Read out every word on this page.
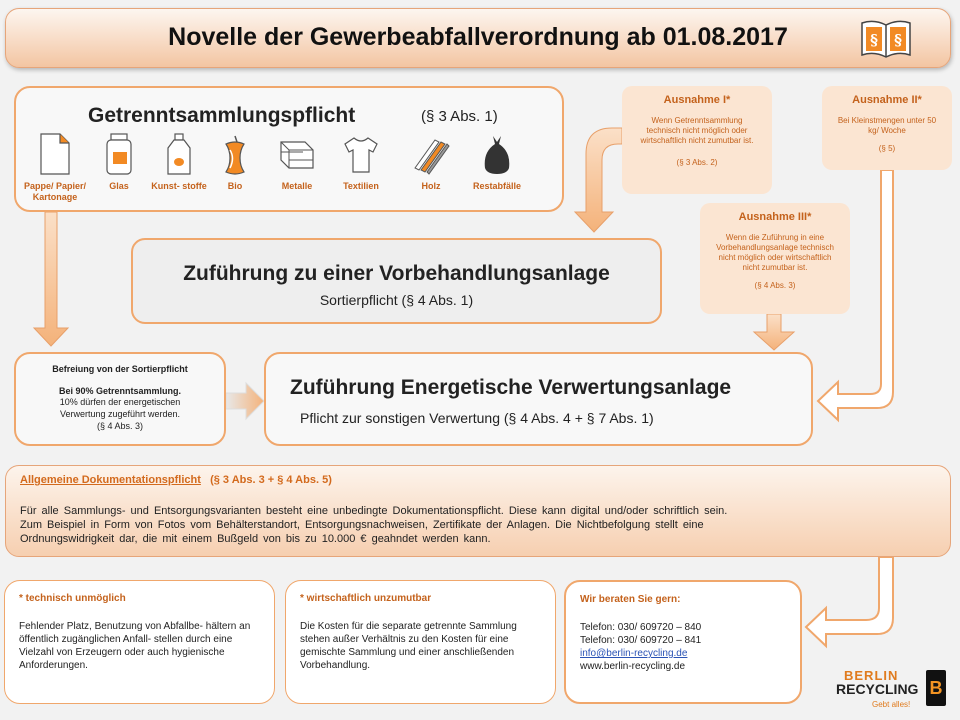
Novelle der Gewerbeabfallverordnung ab 01.08.2017	§ §
Getrenntsammlungspflicht	(§ 3 Abs. 1)
Pappe/ Papier/ Kartonage
Glas	Kunst- stoffe	Bio	Metalle	Textilien	Holz	Restabfälle
Ausnahme I*
Wenn Getrenntsammlung technisch nicht möglich oder wirtschaftlich nicht zumutbar ist.
(§ 3 Abs. 2)
Ausnahme II*
Bei Kleinstmengen unter 50 kg/ Woche
(§ 5)
Ausnahme III*
Wenn die Zuführung in eine Vorbehandlungsanlage technisch nicht möglich oder wirtschaftlich nicht zumutbar ist.
(§ 4 Abs. 3)
Zuführung zu einer Vorbehandlungsanlage
Sortierpflicht (§ 4 Abs. 1)
Befreiung von der Sortierpflicht
Bei 90% Getrenntsammlung.
10% dürfen der energetischen Verwertung zugeführt werden.
(§ 4 Abs. 3)
Zuführung Energetische Verwertungsanlage
Pflicht zur sonstigen Verwertung (§ 4 Abs. 4 + § 7 Abs. 1)
Allgemeine Dokumentationspflicht (§ 3 Abs. 3 + § 4 Abs. 5)
Für alle Sammlungs- und Entsorgungsvarianten besteht eine unbedingte Dokumentationspflicht. Diese kann digital und/oder schriftlich sein.
Zum Beispiel in Form von Fotos vom Behälterstandort, Entsorgungsnachweisen, Zertifikate der Anlagen. Die Nichtbefolgung stellt eine
Ordnungswidrigkeit dar, die mit einem Bußgeld von bis zu 10.000 € geahndet werden kann.
* technisch unmöglich
Fehlender Platz, Benutzung von Abfallbe- hältern an öffentlich zugänglichen Anfall- stellen durch eine Vielzahl von Erzeugern oder auch hygienische Anforderungen.
* wirtschaftlich unzumutbar
Die Kosten für die separate getrennte Sammlung stehen außer Verhältnis zu den Kosten für eine gemischte Sammlung und einer anschließenden Vorbehandlung.
Wir beraten Sie gern:
Telefon: 030/ 609720 – 840
Telefon: 030/ 609720 – 841
info@berlin-recycling.de
www.berlin-recycling.de
BERLIN
RECYCLING
Gebt alles!
B
